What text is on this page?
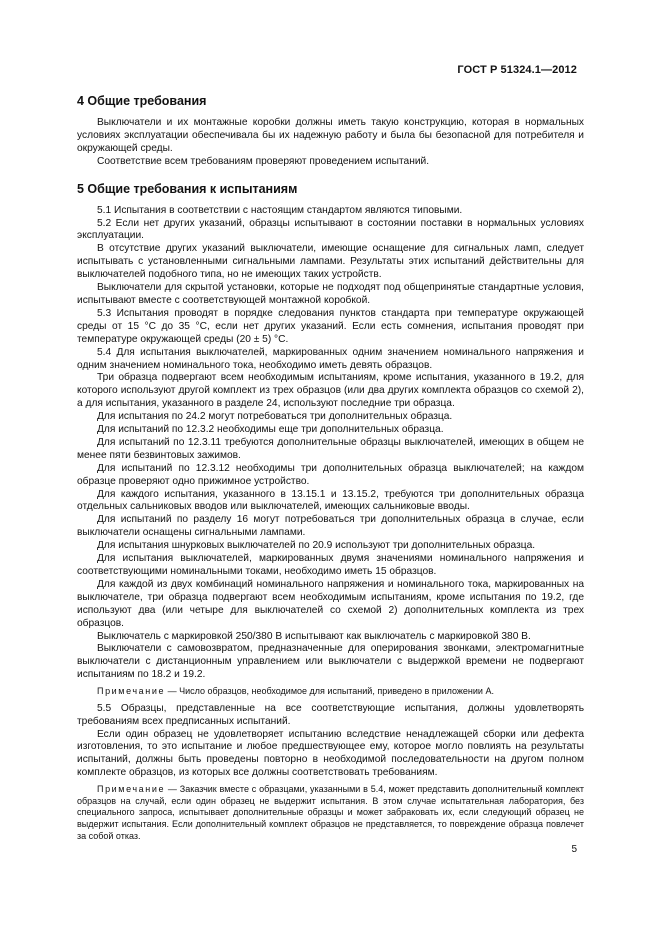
ГОСТ Р 51324.1—2012
4 Общие требования

Выключатели и их монтажные коробки должны иметь такую конструкцию, которая в нормальных условиях эксплуатации обеспечивала бы их надежную работу и была бы безопасной для потребителя и окружающей среды.

Соответствие всем требованиям проверяют проведением испытаний.

5 Общие требования к испытаниям

5.1 Испытания в соответствии с настоящим стандартом являются типовыми.

5.2 Если нет других указаний, образцы испытывают в состоянии поставки в нормальных условиях эксплуатации.

В отсутствие других указаний выключатели, имеющие оснащение для сигнальных ламп, следует испытывать с установленными сигнальными лампами. Результаты этих испытаний действительны для выключателей подобного типа, но не имеющих таких устройств.

Выключатели для скрытой установки, которые не подходят под общепринятые стандартные условия, испытывают вместе с соответствующей монтажной коробкой.

5.3 Испытания проводят в порядке следования пунктов стандарта при температуре окружающей среды от 15 °C до 35 °C, если нет других указаний. Если есть сомнения, испытания проводят при температуре окружающей среды (20 ± 5) °C.

5.4 Для испытания выключателей, маркированных одним значением номинального напряжения и одним значением номинального тока, необходимо иметь девять образцов.

Три образца подвергают всем необходимым испытаниям, кроме испытания, указанного в 19.2, для которого используют другой комплект из трех образцов (или два других комплекта образцов со схемой 2), а для испытания, указанного в разделе 24, используют последние три образца.

Для испытания по 24.2 могут потребоваться три дополнительных образца.

Для испытаний по 12.3.2 необходимы еще три дополнительных образца.

Для испытаний по 12.3.11 требуются дополнительные образцы выключателей, имеющих в общем не менее пяти безвинтовых зажимов.

Для испытаний по 12.3.12 необходимы три дополнительных образца выключателей; на каждом образце проверяют одно прижимное устройство.

Для каждого испытания, указанного в 13.15.1 и 13.15.2, требуются три дополнительных образца отдельных сальниковых вводов или выключателей, имеющих сальниковые вводы.

Для испытаний по разделу 16 могут потребоваться три дополнительных образца в случае, если выключатели оснащены сигнальными лампами.

Для испытания шнурковых выключателей по 20.9 используют три дополнительных образца.

Для испытания выключателей, маркированных двумя значениями номинального напряжения и соответствующими номинальными токами, необходимо иметь 15 образцов.

Для каждой из двух комбинаций номинального напряжения и номинального тока, маркированных на выключателе, три образца подвергают всем необходимым испытаниям, кроме испытания по 19.2, где используют два (или четыре для выключателей со схемой 2) дополнительных комплекта из трех образцов.

Выключатель с маркировкой 250/380 В испытывают как выключатель с маркировкой 380 В.

Выключатели с самовозвратом, предназначенные для оперирования звонками, электромагнитные выключатели с дистанционным управлением или выключатели с выдержкой времени не подвергают испытаниям по 18.2 и 19.2.

Примечание — Число образцов, необходимое для испытаний, приведено в приложении А.

5.5 Образцы, представленные на все соответствующие испытания, должны удовлетворять требованиям всех предписанных испытаний.

Если один образец не удовлетворяет испытанию вследствие ненадлежащей сборки или дефекта изготовления, то это испытание и любое предшествующее ему, которое могло повлиять на результаты испытаний, должны быть проведены повторно в необходимой последовательности на другом полном комплекте образцов, из которых все должны соответствовать требованиям.

Примечание — Заказчик вместе с образцами, указанными в 5.4, может представить дополнительный комплект образцов на случай, если один образец не выдержит испытания. В этом случае испытательная лаборатория, без специального запроса, испытывает дополнительные образцы и может забраковать их, если следующий образец не выдержит испытания. Если дополнительный комплект образцов не представляется, то повреждение образца повлечет за собой отказ.

5
